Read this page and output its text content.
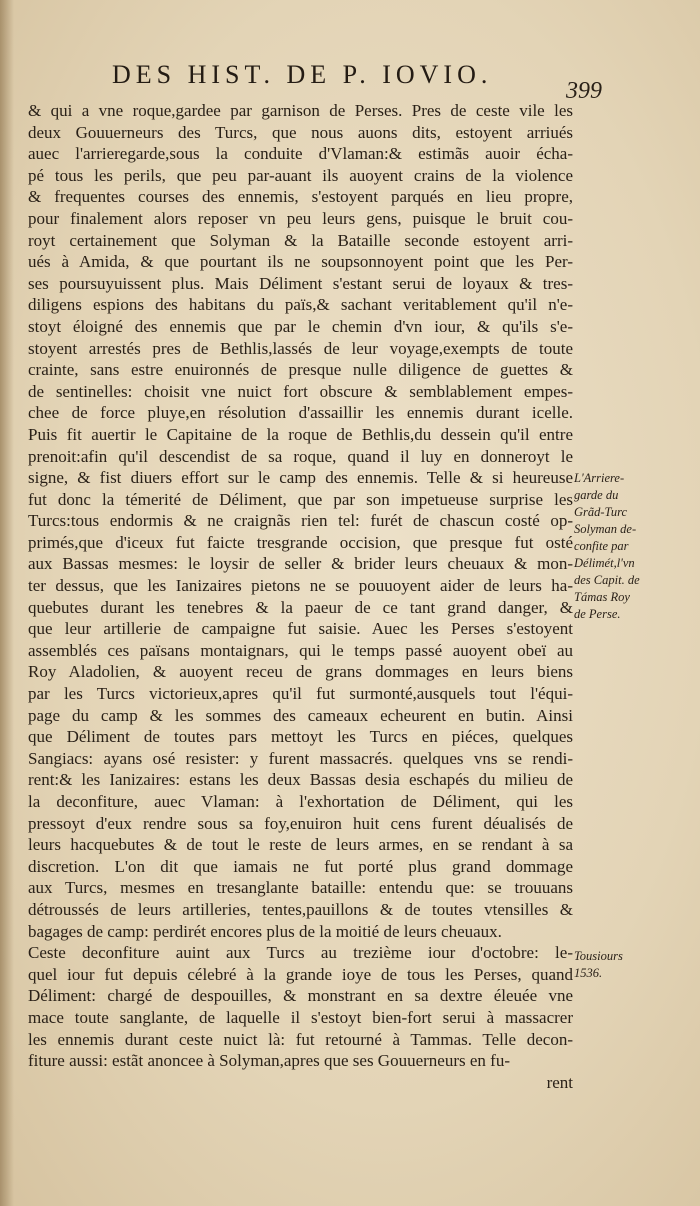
DES HIST. DE P. IOVIO.
399
& qui a vne roque,gardee par garnison de Perses. Pres de ceste vile les
deux Gouuerneurs des Turcs, que nous auons dits, estoyent arriués
auec l'arrieregarde,sous la conduite d'Vlaman:& estimãs auoir écha-
pé tous les perils, que peu par-auant ils auoyent crains de la violence
& frequentes courses des ennemis, s'estoyent parqués en lieu propre,
pour finalement alors reposer vn peu leurs gens, puisque le bruit cou-
royt certainement que Solyman & la Bataille seconde estoyent arri-
ués à Amida, & que pourtant ils ne soupsonnoyent point que les Per-
ses poursuyuissent plus. Mais Déliment s'estant serui de loyaux & tres-
diligens espions des habitans du païs,& sachant veritablement qu'il n'e-
stoyt éloigné des ennemis que par le chemin d'vn iour, & qu'ils s'e-
stoyent arrestés pres de Bethlis,lassés de leur voyage,exempts de toute
crainte, sans estre enuironnés de presque nulle diligence de guettes &
de sentinelles: choisit vne nuict fort obscure & semblablement empes-
chee de force pluye,en résolution d'assaillir les ennemis durant icelle.
Puis fit auertir le Capitaine de la roque de Bethlis,du dessein qu'il entre
prenoit:afin qu'il descendist de sa roque, quand il luy en donneroyt le
signe, & fist diuers effort sur le camp des ennemis. Telle & si heureuse
fut donc la témerité de Déliment, que par son impetueuse surprise les
Turcs:tous endormis & ne craignãs rien tel: furét de chascun costé op-
primés,que d'iceux fut faicte tresgrande occision, que presque fut osté
aux Bassas mesmes: le loysir de seller & brider leurs cheuaux & mon-
ter dessus, que les Ianizaires pietons ne se pouuoyent aider de leurs ha-
quebutes durant les tenebres & la paeur de ce tant grand danger, &
que leur artillerie de campaigne fut saisie. Auec les Perses s'estoyent
assemblés ces païsans montaignars, qui le temps passé auoyent obeï au
Roy Aladolien, & auoyent receu de grans dommages en leurs biens
par les Turcs victorieux,apres qu'il fut surmonté,ausquels tout l'équi-
page du camp & les sommes des cameaux echeurent en butin. Ainsi
que Déliment de toutes pars mettoyt les Turcs en piéces, quelques
Sangiacs: ayans osé resister: y furent massacrés. quelques vns se rendi-
rent:& les Ianizaires: estans les deux Bassas desia eschapés du milieu de
la deconfiture, auec Vlaman: à l'exhortation de Déliment, qui les
pressoyt d'eux rendre sous sa foy,enuiron huit cens furent déualisés de
leurs hacquebutes & de tout le reste de leurs armes, en se rendant à sa
discretion. L'on dit que iamais ne fut porté plus grand dommage
aux Turcs, mesmes en tresanglante bataille: entendu que: se trouuans
détroussés de leurs artilleries, tentes,pauillons & de toutes vtensilles &
bagages de camp: perdirét encores plus de la moitié de leurs cheuaux.
Ceste deconfiture auint aux Turcs au trezième iour d'octobre: le-
quel iour fut depuis célebré à la grande ioye de tous les Perses, quand
Déliment: chargé de despouilles, & monstrant en sa dextre éleuée vne
mace toute sanglante, de laquelle il s'estoyt bien-fort serui à massacrer
les ennemis durant ceste nuict là: fut retourné à Tammas. Telle decon-
fiture aussi: estãt anoncee à Solyman,apres que ses Gouuerneurs en fu-
rent
L'Arriere-
garde du
Grãd-Turc
Solyman de-
confite par
Délimét,l'vn
des Capit. de
Támas Roy
de Perse.
Tousiours
1536.
